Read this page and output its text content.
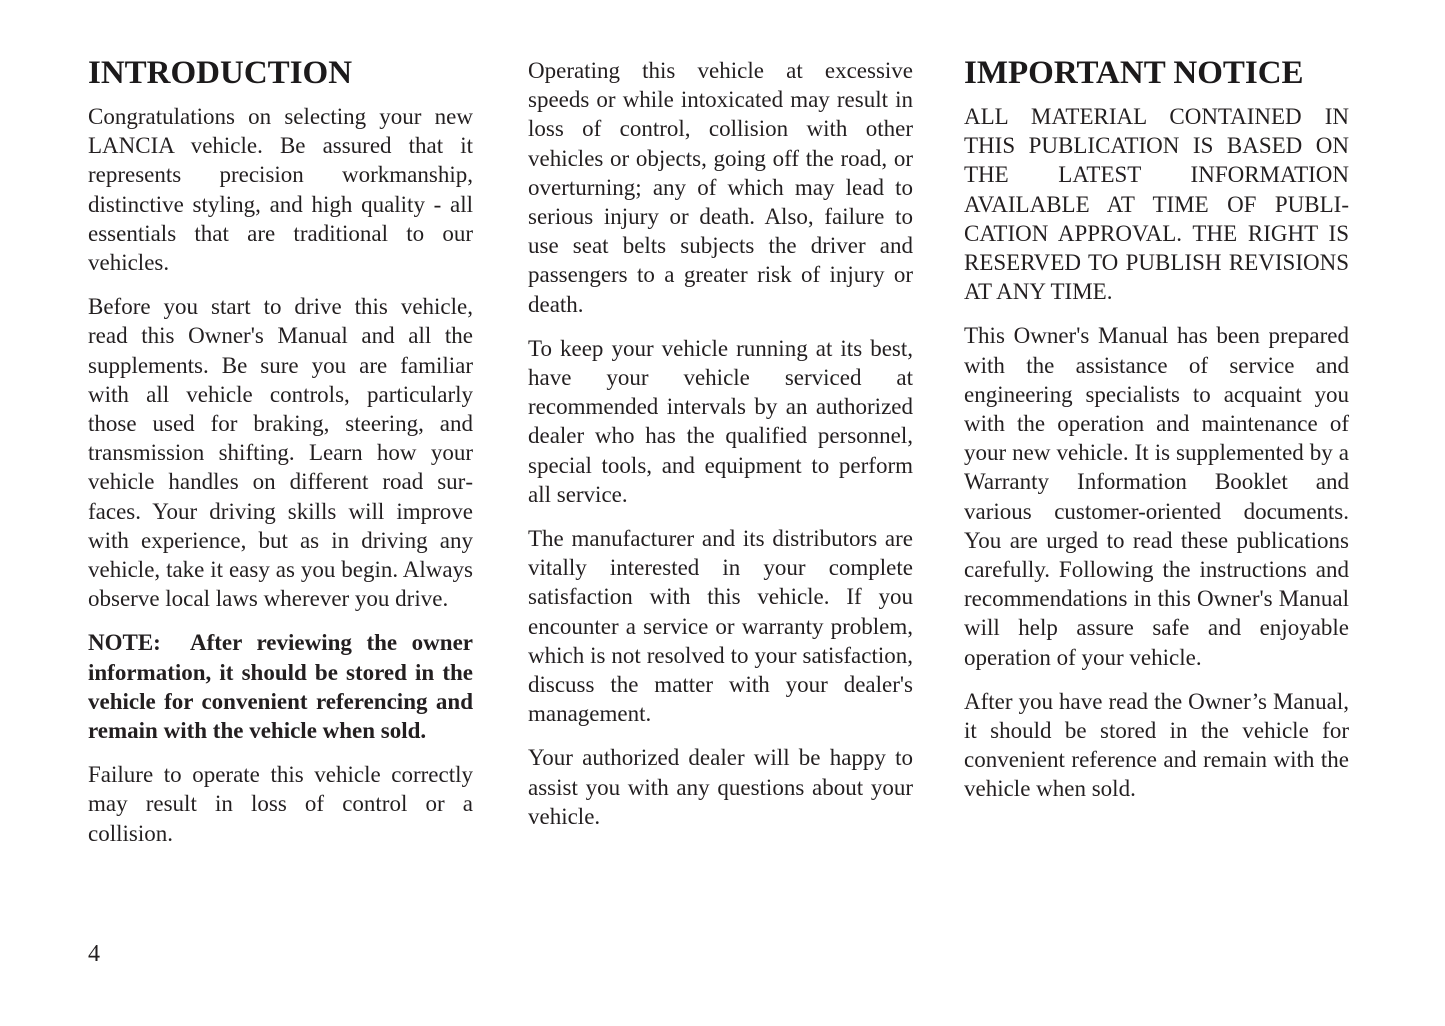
INTRODUCTION

Congratulations on selecting your new LANCIA vehicle. Be assured that it represents precision workmanship, distinctive styling, and high quality - all essentials that are traditional to our vehicles.

Before you start to drive this vehicle, read this Owner's Manual and all the supplements. Be sure you are familiar with all vehicle controls, particularly those used for braking, steering, and transmission shifting. Learn how your vehicle handles on different road surfaces. Your driving skills will improve with experience, but as in driving any vehicle, take it easy as you begin. Always observe local laws wherever you drive.

NOTE:  After reviewing the owner information, it should be stored in the vehicle for convenient referencing and remain with the vehicle when sold.

Failure to operate this vehicle correctly may result in loss of control or a collision.

Operating this vehicle at excessive speeds or while intoxicated may result in loss of control, collision with other vehicles or objects, going off the road, or overturning; any of which may lead to serious injury or death. Also, failure to use seat belts subjects the driver and passengers to a greater risk of injury or death.

To keep your vehicle running at its best, have your vehicle serviced at recommended intervals by an authorized dealer who has the qualified personnel, special tools, and equipment to perform all service.

The manufacturer and its distributors are vitally interested in your complete satisfaction with this vehicle. If you encounter a service or warranty problem, which is not resolved to your satisfaction, discuss the matter with your dealer's management.

Your authorized dealer will be happy to assist you with any questions about your vehicle.

IMPORTANT NOTICE

ALL MATERIAL CONTAINED IN THIS PUBLICATION IS BASED ON THE LATEST INFORMATION AVAILABLE AT TIME OF PUBLICATION APPROVAL. THE RIGHT IS RESERVED TO PUBLISH REVISIONS AT ANY TIME.

This Owner's Manual has been prepared with the assistance of service and engineering specialists to acquaint you with the operation and maintenance of your new vehicle. It is supplemented by a Warranty Information Booklet and various customer-oriented documents. You are urged to read these publications carefully. Following the instructions and recommendations in this Owner's Manual will help assure safe and enjoyable operation of your vehicle.

After you have read the Owner’s Manual, it should be stored in the vehicle for convenient reference and remain with the vehicle when sold.

4
